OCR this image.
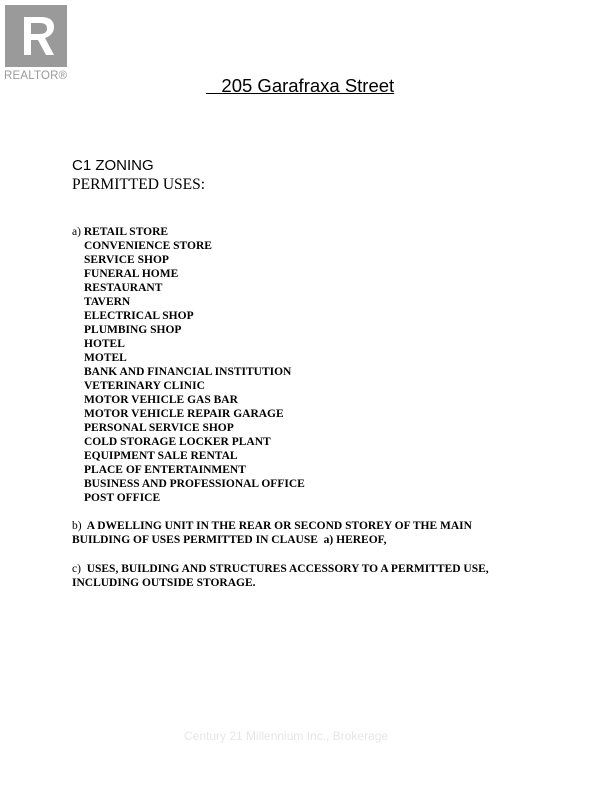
REALTOR®	205 Garafraxa Street
C1 ZONING
PERMITTED USES:
a) RETAIL STORE
CONVENIENCE STORE
SERVICE SHOP
FUNERAL HOME
RESTAURANT
TAVERN
ELECTRICAL SHOP
PLUMBING SHOP
HOTEL
MOTEL
BANK AND FINANCIAL INSTITUTION
VETERINARY CLINIC
MOTOR VEHICLE GAS BAR
MOTOR VEHICLE REPAIR GARAGE
PERSONAL SERVICE SHOP
COLD STORAGE LOCKER PLANT
EQUIPMENT SALE RENTAL
PLACE OF ENTERTAINMENT
BUSINESS AND PROFESSIONAL OFFICE
POST OFFICE
b)  A DWELLING UNIT IN THE REAR OR SECOND STOREY OF THE MAIN
BUILDING OF USES PERMITTED IN CLAUSE  a) HEREOF,
c)  USES, BUILDING AND STRUCTURES ACCESSORY TO A PERMITTED USE,
INCLUDING OUTSIDE STORAGE.
Century 21 Millennium Inc., Brokerage
